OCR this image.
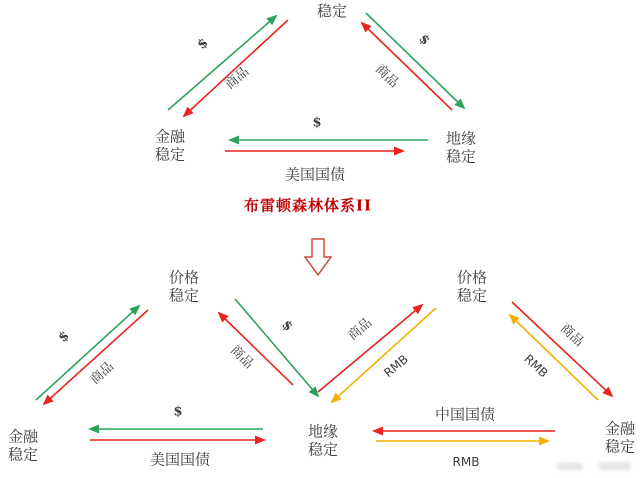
稳定
金融稳定
地缘稳定
$
商品
$
商品
$
美国国债
布雷顿森林体系II
价格稳定
金融稳定
$
商品
$
商品
$
美国国债
地缘稳定
价格稳定
金融稳定
商品
RMB
商品
RMB
中国国债
RMB
